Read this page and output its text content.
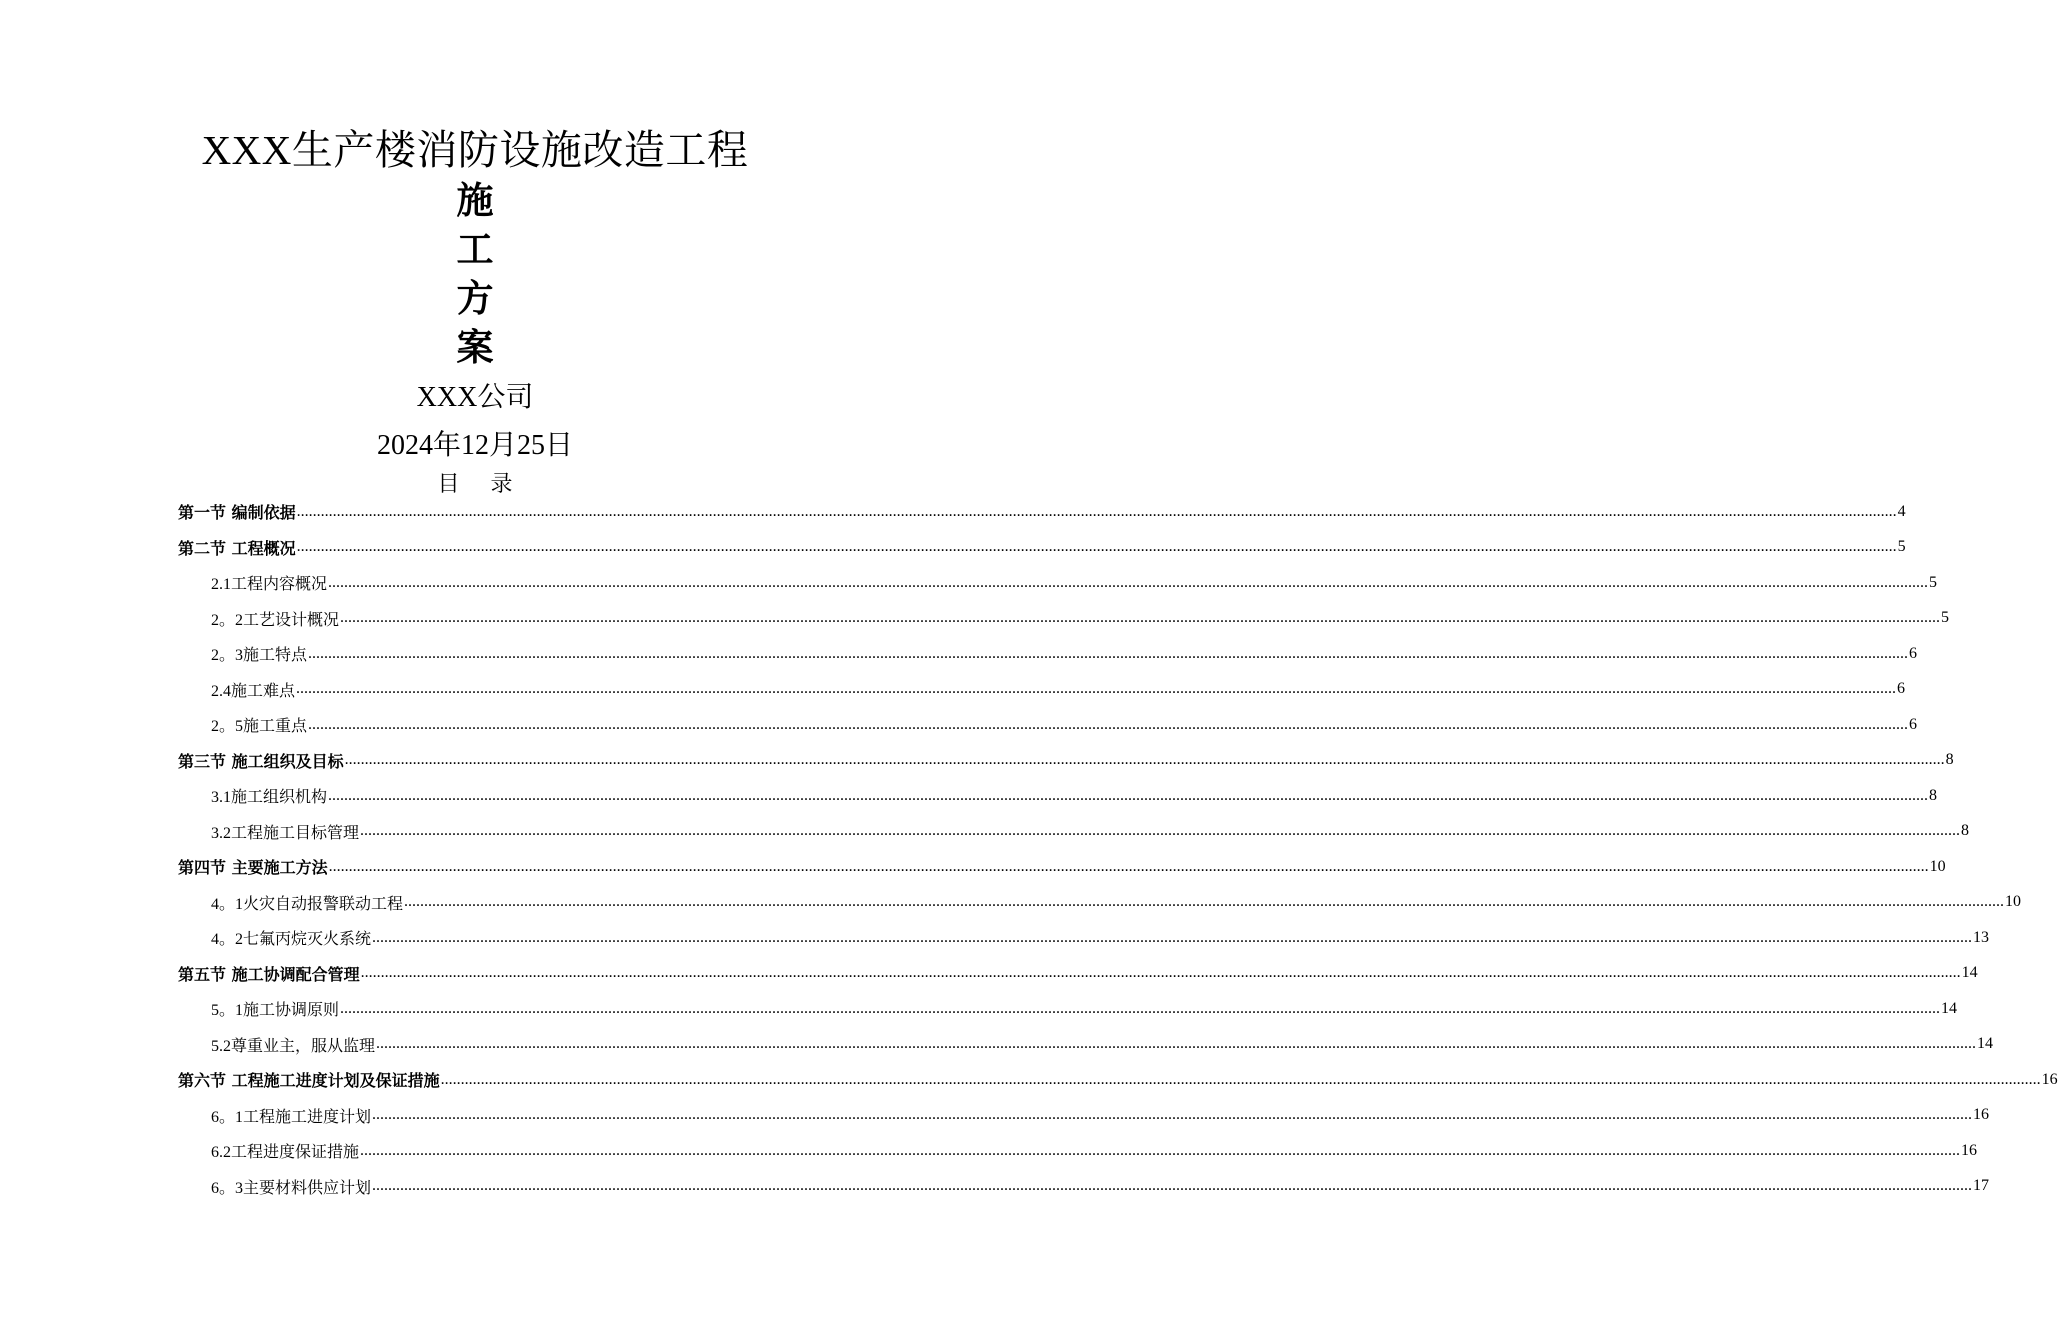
XXX生产楼消防设施改造工程
施
工
方
案
XXX公司
2024年12月25日
目 录
第一节 编制依据 ................................................................................................................................................................................................................................................................................................................................................................................................................ 4
第二节 工程概况 ................................................................................................................................................................................................................................................................................................................................................................................................................ 5
2.1工程内容概况 ................................................................................................................................................................................................................................................................................................................................................................................................................ 5
2。2工艺设计概况 ................................................................................................................................................................................................................................................................................................................................................................................................................ 5
2。3施工特点 ................................................................................................................................................................................................................................................................................................................................................................................................................ 6
2.4施工难点 ................................................................................................................................................................................................................................................................................................................................................................................................................ 6
2。5施工重点 ................................................................................................................................................................................................................................................................................................................................................................................................................ 6
第三节 施工组织及目标 ................................................................................................................................................................................................................................................................................................................................................................................................................ 8
3.1施工组织机构 ................................................................................................................................................................................................................................................................................................................................................................................................................ 8
3.2工程施工目标管理 ................................................................................................................................................................................................................................................................................................................................................................................................................ 8
第四节 主要施工方法 ................................................................................................................................................................................................................................................................................................................................................................................................................ 10
4。1火灾自动报警联动工程 ................................................................................................................................................................................................................................................................................................................................................................................................................ 10
4。2七氟丙烷灭火系统 ................................................................................................................................................................................................................................................................................................................................................................................................................ 13
第五节 施工协调配合管理 ................................................................................................................................................................................................................................................................................................................................................................................................................ 14
5。1施工协调原则 ................................................................................................................................................................................................................................................................................................................................................................................................................ 14
5.2尊重业主，服从监理 ................................................................................................................................................................................................................................................................................................................................................................................................................ 14
第六节 工程施工进度计划及保证措施 ................................................................................................................................................................................................................................................................................................................................................................................................................ 16
6。1工程施工进度计划 ................................................................................................................................................................................................................................................................................................................................................................................................................ 16
6.2工程进度保证措施 ................................................................................................................................................................................................................................................................................................................................................................................................................ 16
6。3主要材料供应计划 ................................................................................................................................................................................................................................................................................................................................................................................................................ 17
